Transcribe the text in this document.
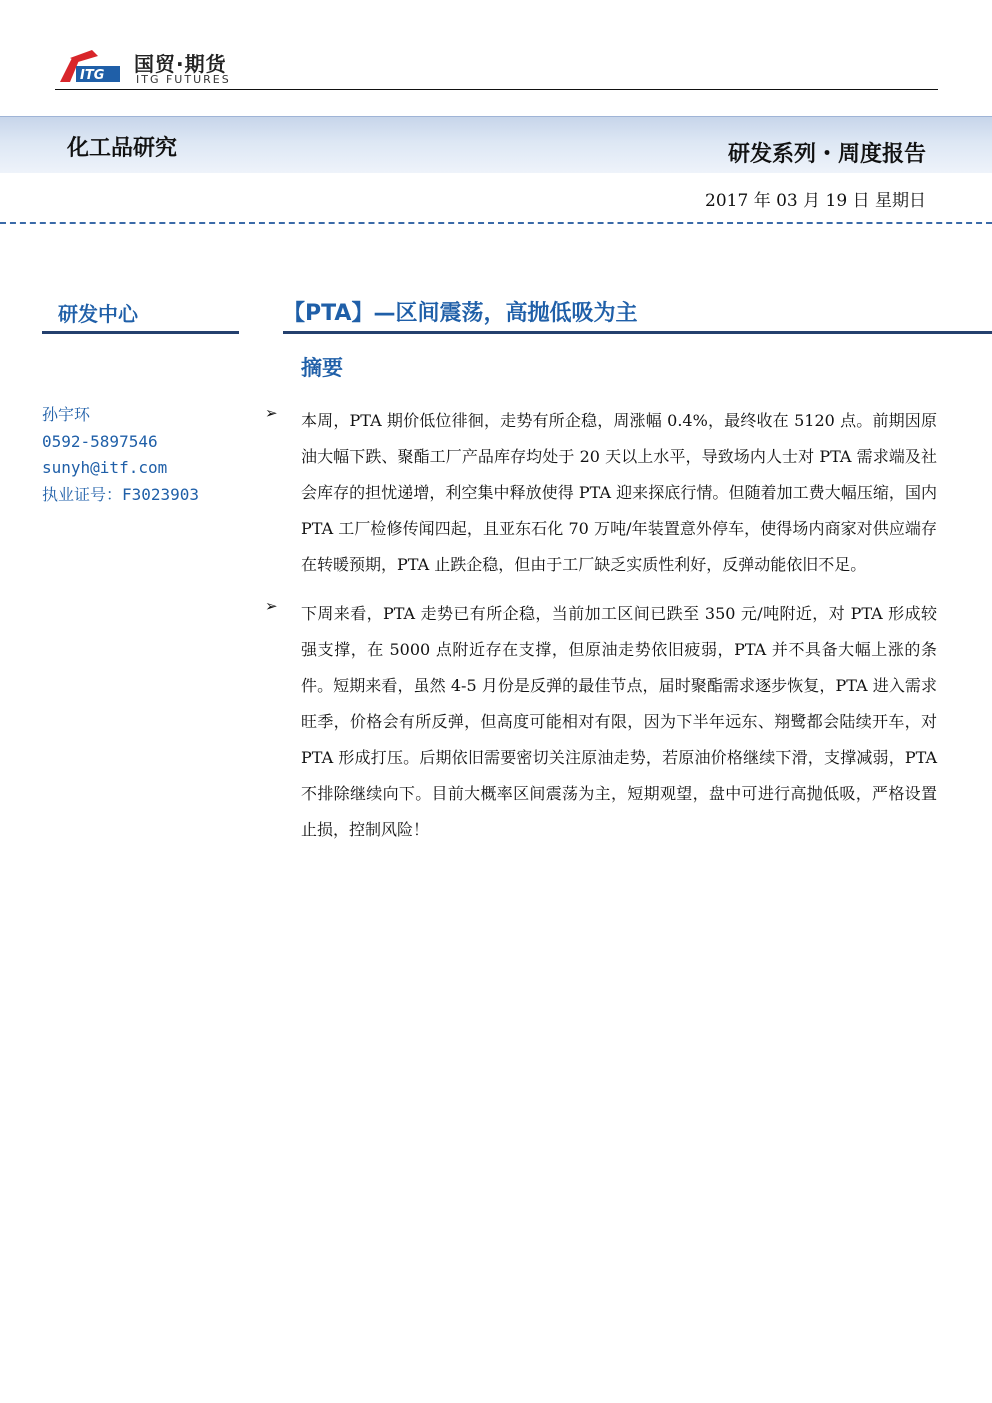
ITG 国贸·期货
ITG FUTURES
化工品研究	研发系列・周度报告
2017 年 03 月 19 日 星期日
研发中心
孙宇环
0592-5897546
sunyh@itf.com
执业证号：F3023903
【PTA】—区间震荡，高抛低吸为主
摘要
➢ 本周，PTA 期价低位徘徊，走势有所企稳，周涨幅 0.4%，最终收在 5120 点。前期因原油大幅下跌、聚酯工厂产品库存均处于 20 天以上水平，导致场内人士对 PTA 需求端及社会库存的担忧递增，利空集中释放使得 PTA 迎来探底行情。但随着加工费大幅压缩，国内 PTA 工厂检修传闻四起，且亚东石化 70 万吨/年装置意外停车，使得场内商家对供应端存在转暖预期，PTA 止跌企稳，但由于工厂缺乏实质性利好，反弹动能依旧不足。

➢ 下周来看，PTA 走势已有所企稳，当前加工区间已跌至 350 元/吨附近，对 PTA 形成较强支撑，在 5000 点附近存在支撑，但原油走势依旧疲弱，PTA 并不具备大幅上涨的条件。短期来看，虽然 4-5 月份是反弹的最佳节点，届时聚酯需求逐步恢复，PTA 进入需求旺季，价格会有所反弹，但高度可能相对有限，因为下半年远东、翔鹭都会陆续开车，对 PTA 形成打压。后期依旧需要密切关注原油走势，若原油价格继续下滑，支撑减弱，PTA 不排除继续向下。目前大概率区间震荡为主，短期观望，盘中可进行高抛低吸，严格设置止损，控制风险！
